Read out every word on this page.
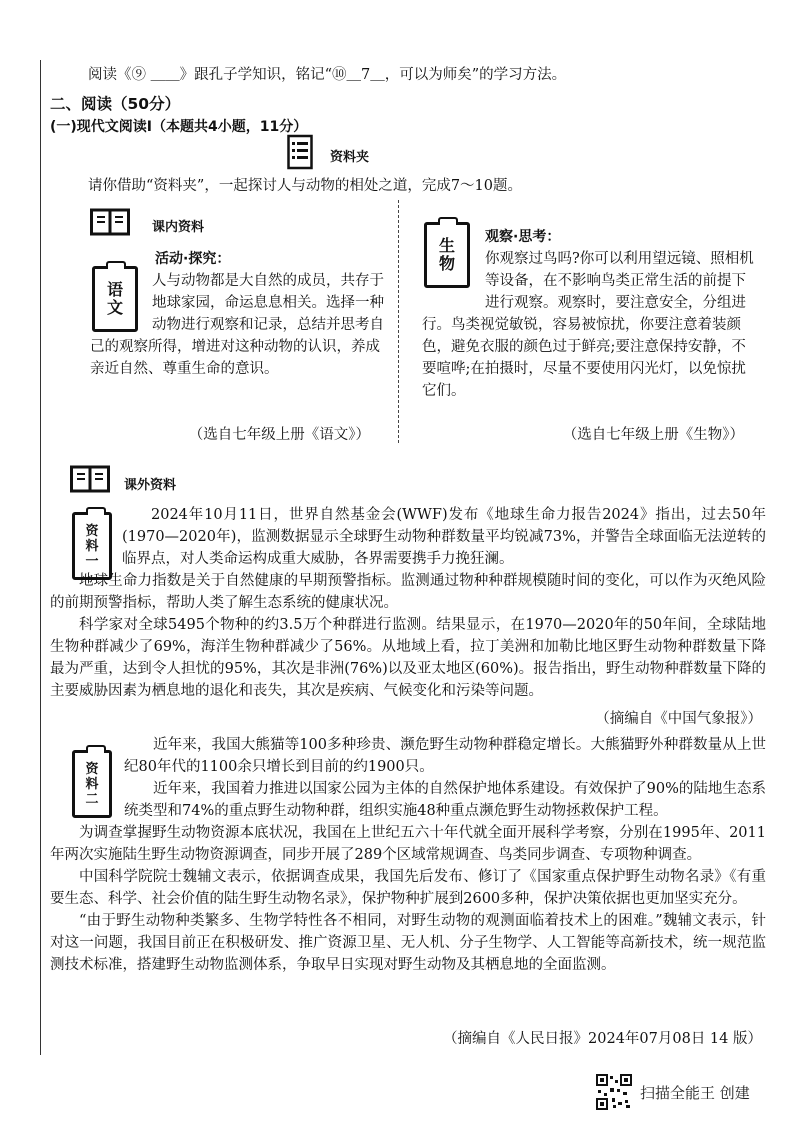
阅读《⑨ ＿＿》跟孔子学知识，铭记“⑩＿7＿，可以为师矣”的学习方法。
二、阅读（50分）
(一)现代文阅读Ⅰ（本题共4小题，11分）
资料夹
请你借助“资料夹”，一起探讨人与动物的相处之道，完成7～10题。
课内资料
语
文
活动·探究：
人与动物都是大自然的成员，共存于地球家园，命运息息相关。选择一种动物进行观察和记录，总结并思考自己的观察所得，增进对这种动物的认识，养成亲近自然、尊重生命的意识。
（选自七年级上册《语文》）
生
物
观察·思考：
你观察过鸟吗?你可以利用望远镜、照相机等设备，在不影响鸟类正常生活的前提下进行观察。观察时，要注意安全，分组进行。鸟类视觉敏锐，容易被惊扰，你要注意着装颜色，避免衣服的颜色过于鲜亮;要注意保持安静，不要喧哗;在拍摄时，尽量不要使用闪光灯，以免惊扰它们。
（选自七年级上册《生物》）
课外资料
资
料
一

2024年10月11日，世界自然基金会(WWF)发布《地球生命力报告2024》指出，过去50年(1970—2020年)，监测数据显示全球野生动物种群数量平均锐减73%，并警告全球面临无法逆转的临界点，对人类命运构成重大威胁，各界需要携手力挽狂澜。

地球生命力指数是关于自然健康的早期预警指标。监测通过物种种群规模随时间的变化，可以作为灭绝风险的前期预警指标，帮助人类了解生态系统的健康状况。

科学家对全球5495个物种的约3.5万个种群进行监测。结果显示，在1970—2020年的50年间，全球陆地生物种群减少了69%，海洋生物种群减少了56%。从地域上看，拉丁美洲和加勒比地区野生动物种群数量下降最为严重，达到令人担忧的95%，其次是非洲(76%)以及亚太地区(60%)。报告指出，野生动物种群数量下降的主要威胁因素为栖息地的退化和丧失，其次是疾病、气候变化和污染等问题。

（摘编自《中国气象报》）
资
料
二

近年来，我国大熊猫等100多种珍贵、濒危野生动物种群稳定增长。大熊猫野外种群数量从上世纪80年代的1100余只增长到目前的约1900只。

近年来，我国着力推进以国家公园为主体的自然保护地体系建设。有效保护了90%的陆地生态系统类型和74%的重点野生动物种群，组织实施48种重点濒危野生动物拯救保护工程。

为调查掌握野生动物资源本底状况，我国在上世纪五六十年代就全面开展科学考察，分别在1995年、2011年两次实施陆生野生动物资源调查，同步开展了289个区域常规调查、鸟类同步调查、专项物种调查。

中国科学院院士魏辅文表示，依据调查成果，我国先后发布、修订了《国家重点保护野生动物名录》《有重要生态、科学、社会价值的陆生野生动物名录》，保护物种扩展到2600多种，保护决策依据也更加坚实充分。

“由于野生动物种类繁多、生物学特性各不相同，对野生动物的观测面临着技术上的困难。”魏辅文表示，针对这一问题，我国目前正在积极研发、推广资源卫星、无人机、分子生物学、人工智能等高新技术，统一规范监测技术标准，搭建野生动物监测体系，争取早日实现对野生动物及其栖息地的全面监测。

（摘编自《人民日报》2024年07月08日 14 版）
扫描全能王 创建
